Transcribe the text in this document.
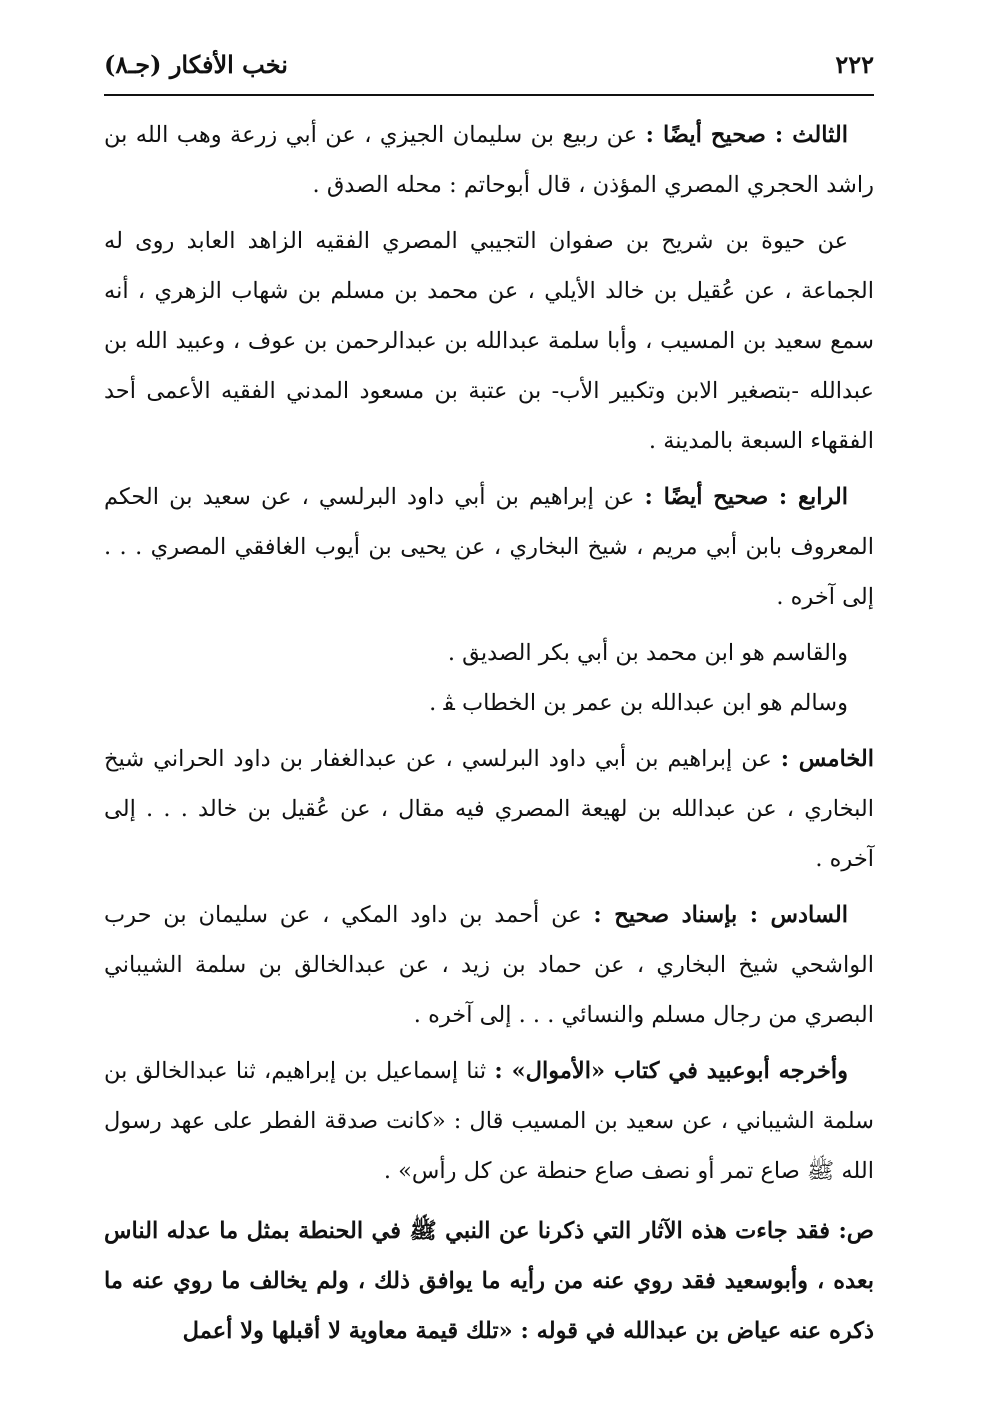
٢٢٢
نخب الأفكار (جـ٨)

الثالث : صحيح أيضًا : عن ربيع بن سليمان الجيزي ، عن أبي زرعة وهب الله بن راشد الحجري المصري المؤذن ، قال أبوحاتم : محله الصدق .

عن حيوة بن شريح بن صفوان التجيبي المصري الفقيه الزاهد العابد روى له الجماعة ، عن عُقيل بن خالد الأيلي ، عن محمد بن مسلم بن شهاب الزهري ، أنه سمع سعيد بن المسيب ، وأبا سلمة عبدالله بن عبدالرحمن بن عوف ، وعبيد الله بن عبدالله -بتصغير الابن وتكبير الأب- بن عتبة بن مسعود المدني الفقيه الأعمى أحد الفقهاء السبعة بالمدينة .

الرابع : صحيح أيضًا : عن إبراهيم بن أبي داود البرلسي ، عن سعيد بن الحكم المعروف بابن أبي مريم ، شيخ البخاري ، عن يحيى بن أيوب الغافقي المصري . . . إلى آخره .

والقاسم هو ابن محمد بن أبي بكر الصديق .

وسالم هو ابن عبدالله بن عمر بن الخطاب ﭭ .

الخامس : عن إبراهيم بن أبي داود البرلسي ، عن عبدالغفار بن داود الحراني شيخ البخاري ، عن عبدالله بن لهيعة المصري فيه مقال ، عن عُقيل بن خالد . . . إلى آخره .

السادس : بإسناد صحيح : عن أحمد بن داود المكي ، عن سليمان بن حرب الواشحي شيخ البخاري ، عن حماد بن زيد ، عن عبدالخالق بن سلمة الشيباني البصري من رجال مسلم والنسائي . . . إلى آخره .

وأخرجه أبوعبيد في كتاب «الأموال» : ثنا إسماعيل بن إبراهيم، ثنا عبدالخالق بن سلمة الشيباني ، عن سعيد بن المسيب قال : «كانت صدقة الفطر على عهد رسول الله ﷺ صاع تمر أو نصف صاع حنطة عن كل رأس» .

ص: فقد جاءت هذه الآثار التي ذكرنا عن النبي ﷺ في الحنطة بمثل ما عدله الناس بعده ، وأبوسعيد فقد روي عنه من رأيه ما يوافق ذلك ، ولم يخالف ما روي عنه ما ذكره عنه عياض بن عبدالله في قوله : «تلك قيمة معاوية لا أقبلها ولا أعمل
